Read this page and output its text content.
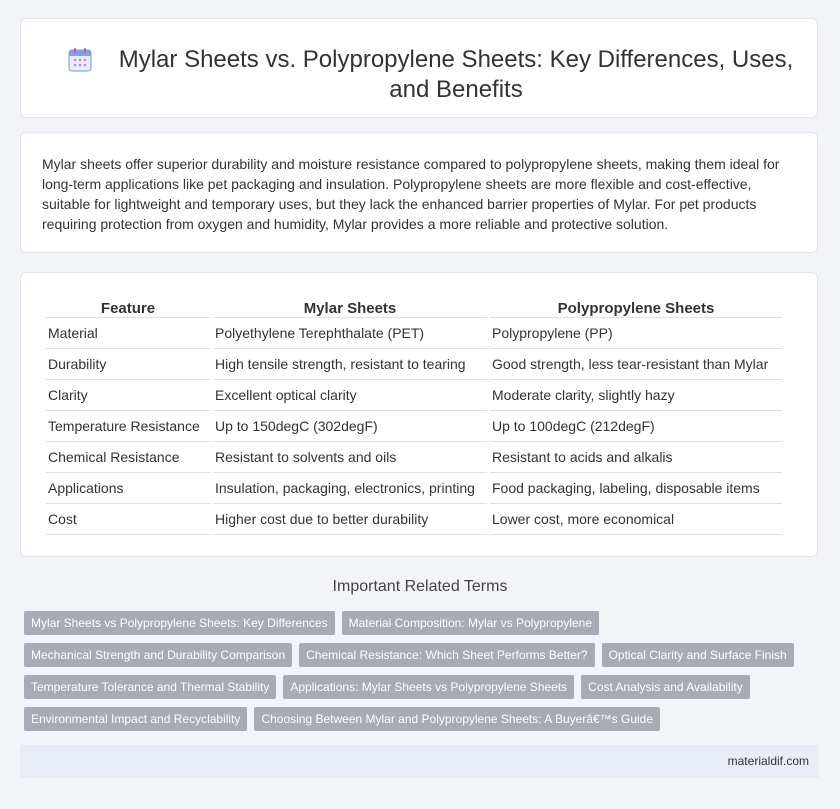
Mylar Sheets vs. Polypropylene Sheets: Key Differences, Uses, and Benefits

Mylar sheets offer superior durability and moisture resistance compared to polypropylene sheets, making them ideal for long-term applications like pet packaging and insulation. Polypropylene sheets are more flexible and cost-effective, suitable for lightweight and temporary uses, but they lack the enhanced barrier properties of Mylar. For pet products requiring protection from oxygen and humidity, Mylar provides a more reliable and protective solution.

Feature	Mylar Sheets	Polypropylene Sheets
Material	Polyethylene Terephthalate (PET)	Polypropylene (PP)
Durability	High tensile strength, resistant to tearing	Good strength, less tear-resistant than Mylar
Clarity	Excellent optical clarity	Moderate clarity, slightly hazy
Temperature Resistance	Up to 150degC (302degF)	Up to 100degC (212degF)
Chemical Resistance	Resistant to solvents and oils	Resistant to acids and alkalis
Applications	Insulation, packaging, electronics, printing	Food packaging, labeling, disposable items
Cost	Higher cost due to better durability	Lower cost, more economical
Important Related Terms
Mylar Sheets vs Polypropylene Sheets: Key Differences	Material Composition: Mylar vs Polypropylene
Mechanical Strength and Durability Comparison	Chemical Resistance: Which Sheet Performs Better?	Optical Clarity and Surface Finish
Temperature Tolerance and Thermal Stability	Applications: Mylar Sheets vs Polypropylene Sheets	Cost Analysis and Availability
Environmental Impact and Recyclability	Choosing Between Mylar and Polypropylene Sheets: A Buyerâ€™s Guide
materialdif.com
